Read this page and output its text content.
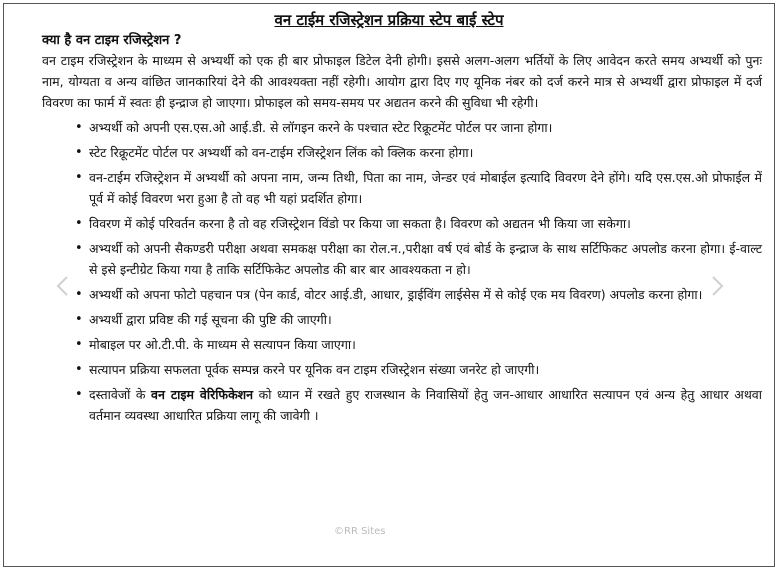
वन टाईम रजिस्ट्रेशन प्रक्रिया स्टेप बाई स्टेप
क्या है वन टाइम रजिस्ट्रेशन ?
वन टाइम रजिस्ट्रेशन के माध्यम से अभ्यर्थी को एक ही बार प्रोफाइल डिटेल देनी होगी। इससे अलग-अलग भर्तियों के लिए आवेदन करते समय अभ्यर्थी को पुनः नाम, योग्यता व अन्य वांछित जानकारियां देने की आवश्यक्ता नहीं रहेगी। आयोग द्वारा दिए गए यूनिक नंबर को दर्ज करने मात्र से अभ्यर्थी द्वारा प्रोफाइल में दर्ज विवरण का फार्म में स्वतः ही इन्द्राज हो जाएगा। प्रोफाइल को समय-समय पर अद्यतन करने की सुविधा भी रहेगी।
• अभ्यर्थी को अपनी एस.एस.ओ आई.डी. से लॉगइन करने के पश्चात स्टेट रिक्रूटमेंट पोर्टल पर जाना होगा।
• स्टेट रिक्रूटमेंट पोर्टल पर अभ्यर्थी को वन-टाईम रजिस्ट्रेशन लिंक को क्लिक करना होगा।
• वन-टाईम रजिस्ट्रेशन में अभ्यर्थी को अपना नाम, जन्म तिथी, पिता का नाम, जेन्डर एवं मोबाईल इत्यादि विवरण देने होंगे। यदि एस.एस.ओ प्रोफाईल में पूर्व में कोई विवरण भरा हुआ है तो वह भी यहां प्रदर्शित होगा।
• विवरण में कोई परिवर्तन करना है तो वह रजिस्ट्रेशन विंडो पर किया जा सकता है। विवरण को अद्यतन भी किया जा सकेगा।
• अभ्यर्थी को अपनी सैकण्डरी परीक्षा अथवा समकक्ष परीक्षा का रोल.न.,परीक्षा वर्ष एवं बोर्ड के इन्द्राज के साथ सर्टिफिकट अपलोड करना होगा। ई-वाल्ट से इसे इन्टीग्रेट किया गया है ताकि सर्टिफिकेट अपलोड की बार बार आवश्यकता न हो।
• अभ्यर्थी को अपना फोटो पहचान पत्र (पेन कार्ड, वोटर आई.डी, आधार, ड्राईविंग लाईसेस में से कोई एक मय विवरण) अपलोड करना होगा।
• अभ्यर्थी द्वारा प्रविष्ट की गई सूचना की पुष्टि की जाएगी।
• मोबाइल पर ओ.टी.पी. के माध्यम से सत्यापन किया जाएगा।
• सत्यापन प्रक्रिया सफलता पूर्वक सम्पन्न करने पर यूनिक वन टाइम रजिस्ट्रेशन संख्या जनरेट हो जाएगी।
• दस्तावेजों के वन टाइम वेरिफिकेशन को ध्यान में रखते हुए राजस्थान के निवासियों हेतु जन-आधार आधारित सत्यापन एवं अन्य हेतु आधार अथवा वर्तमान व्यवस्था आधारित प्रक्रिया लागू की जावेगी ।
©RR Sites
